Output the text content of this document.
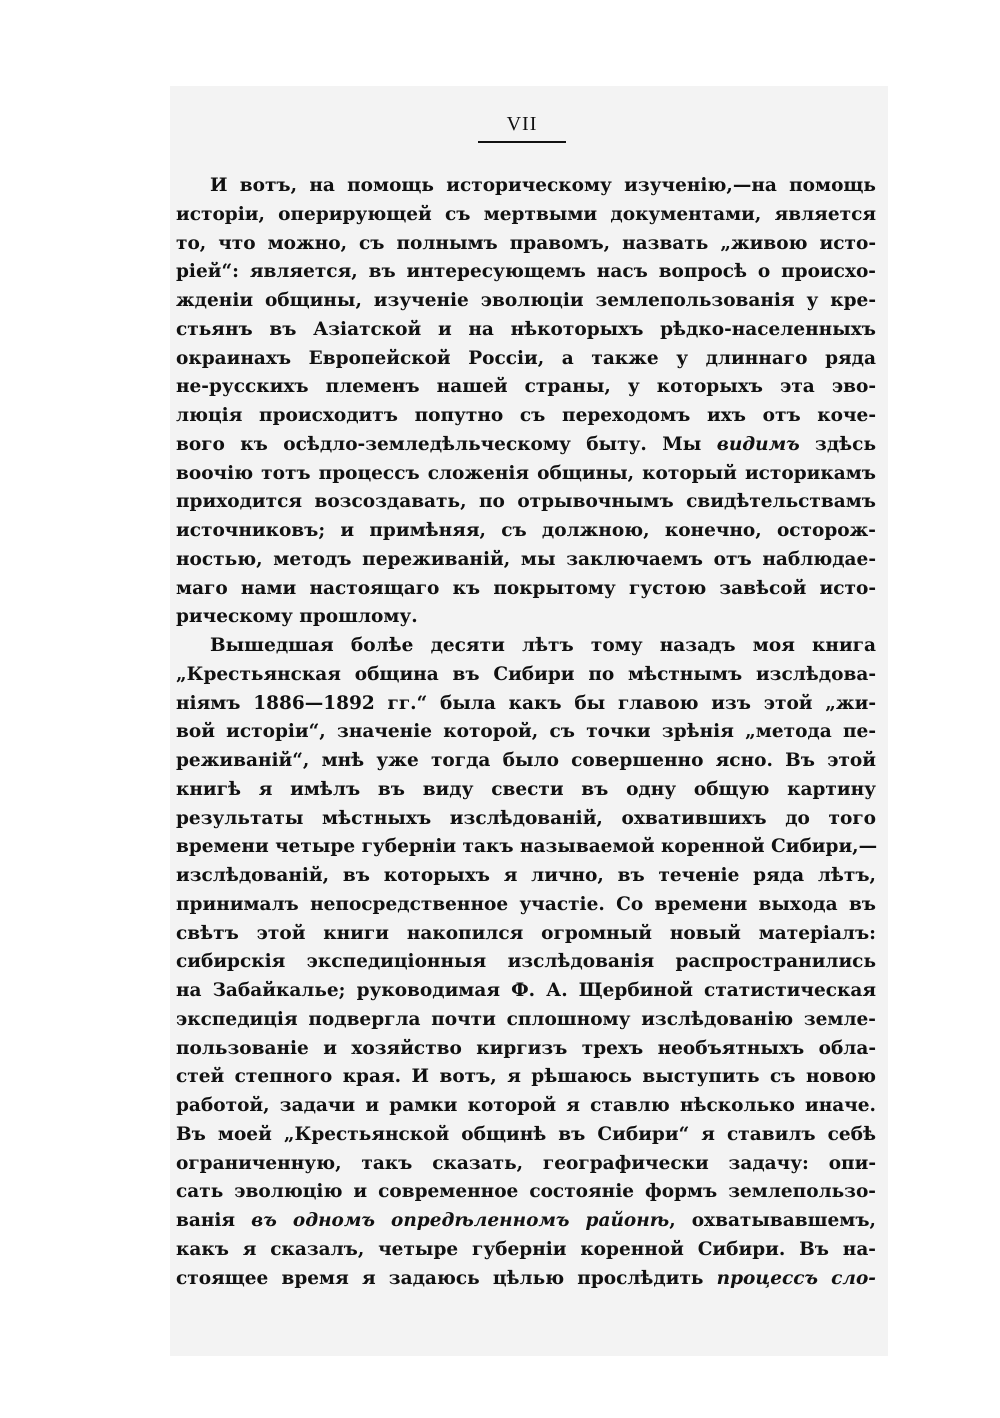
VII
И вотъ, на помощь историческому изученію,—на помощь
исторіи, оперирующей съ мертвыми документами, является
то, что можно, съ полнымъ правомъ, назвать „живою исто-
ріей“: является, въ интересующемъ насъ вопросѣ о происхо-
жденіи общины, изученіе эволюціи землепользованія у кре-
стьянъ въ Азіатской и на нѣкоторыхъ рѣдко-населенныхъ
окраинахъ Европейской Россіи, а также у длиннаго ряда
не-русскихъ племенъ нашей страны, у которыхъ эта эво-
люція происходитъ попутно съ переходомъ ихъ отъ коче-
вого къ осѣдло-земледѣльческому быту. Мы видимъ здѣсь
воочію тотъ процессъ сложенія общины, который историкамъ
приходится возсоздавать, по отрывочнымъ свидѣтельствамъ
источниковъ; и примѣняя, съ должною, конечно, осторож-
ностью, методъ переживаній, мы заключаемъ отъ наблюдае-
маго нами настоящаго къ покрытому густою завѣсой исто-
рическому прошлому.
Вышедшая болѣе десяти лѣтъ тому назадъ моя книга
„Крестьянская община въ Сибири по мѣстнымъ изслѣдова-
ніямъ 1886—1892 гг.“ была какъ бы главою изъ этой „жи-
вой исторіи“, значеніе которой, съ точки зрѣнія „метода пе-
реживаній“, мнѣ уже тогда было совершенно ясно. Въ этой
книгѣ я имѣлъ въ виду свести въ одну общую картину
результаты мѣстныхъ изслѣдованій, охватившихъ до того
времени четыре губерніи такъ называемой коренной Сибири,—
изслѣдованій, въ которыхъ я лично, въ теченіе ряда лѣтъ,
принималъ непосредственное участіе. Со времени выхода въ
свѣтъ этой книги накопился огромный новый матеріалъ:
сибирскія экспедиціонныя изслѣдованія распространились
на Забайкалье; руководимая Ф. А. Щербиной статистическая
экспедиція подвергла почти сплошному изслѣдованію земле-
пользованіе и хозяйство киргизъ трехъ необъятныхъ обла-
стей степного края. И вотъ, я рѣшаюсь выступить съ новою
работой, задачи и рамки которой я ставлю нѣсколько иначе.
Въ моей „Крестьянской общинѣ въ Сибири“ я ставилъ себѣ
ограниченную, такъ сказать, географически задачу: опи-
сать эволюцію и современное состояніе формъ землепользо-
ванія въ одномъ опредѣленномъ районѣ, охватывавшемъ,
какъ я сказалъ, четыре губерніи коренной Сибири. Въ на-
стоящее время я задаюсь цѣлью прослѣдить процессъ сло-
